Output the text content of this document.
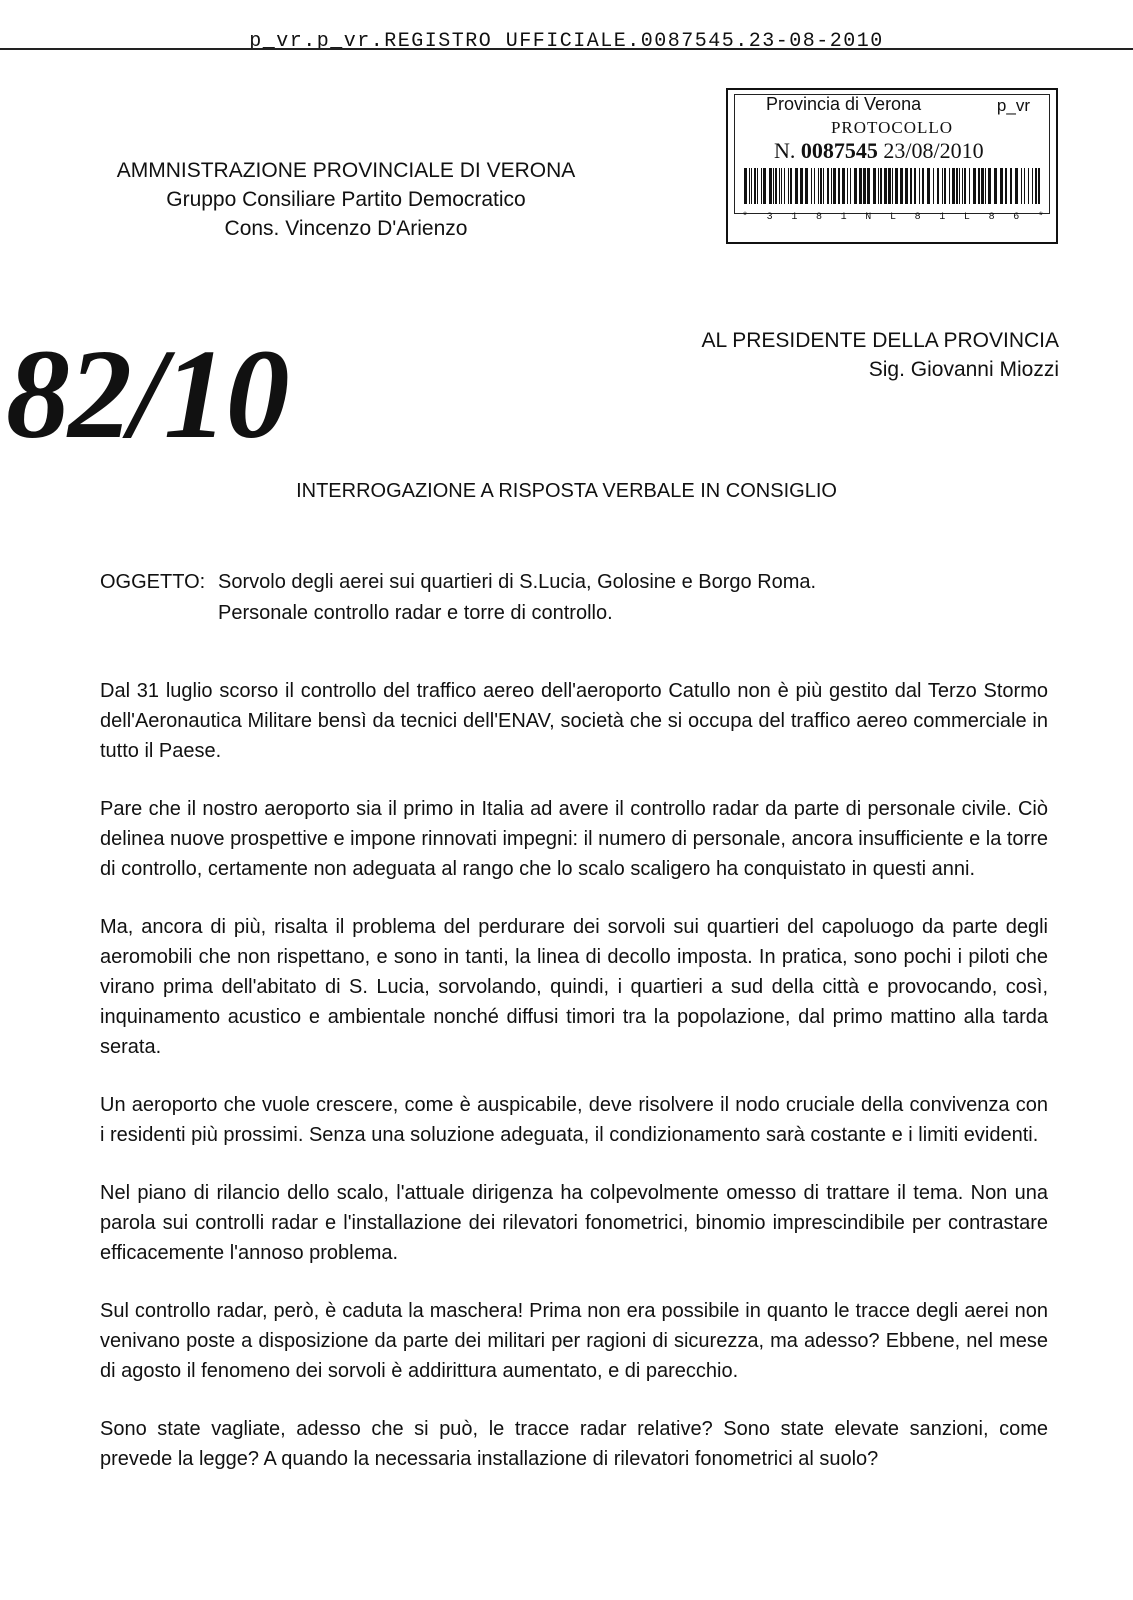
p_vr.p_vr.REGISTRO UFFICIALE.0087545.23-08-2010
AMMNISTRAZIONE PROVINCIALE DI VERONA
Gruppo Consiliare Partito Democratico
Cons. Vincenzo D'Arienzo
Provincia di Verona	p_vr
PROTOCOLLO
N. 0087545 23/08/2010
* 3 1 8 1 N L 8 1 L 8 6 *
82/10	AL PRESIDENTE DELLA PROVINCIA
Sig. Giovanni Miozzi
INTERROGAZIONE A RISPOSTA VERBALE IN CONSIGLIO
OGGETTO: Sorvolo degli aerei sui quartieri di S.Lucia, Golosine e Borgo Roma.
Personale controllo radar e torre di controllo.

Dal 31 luglio scorso il controllo del traffico aereo dell'aeroporto Catullo non è più gestito dal Terzo Stormo dell'Aeronautica Militare bensì da tecnici dell'ENAV, società che si occupa del traffico aereo commerciale in tutto il Paese.

Pare che il nostro aeroporto sia il primo in Italia ad avere il controllo radar da parte di personale civile. Ciò delinea nuove prospettive e impone rinnovati impegni: il numero di personale, ancora insufficiente e la torre di controllo, certamente non adeguata al rango che lo scalo scaligero ha conquistato in questi anni.

Ma, ancora di più, risalta il problema del perdurare dei sorvoli sui quartieri del capoluogo da parte degli aeromobili che non rispettano, e sono in tanti, la linea di decollo imposta. In pratica, sono pochi i piloti che virano prima dell'abitato di S. Lucia, sorvolando, quindi, i quartieri a sud della città e provocando, così, inquinamento acustico e ambientale nonché diffusi timori tra la popolazione, dal primo mattino alla tarda serata.

Un aeroporto che vuole crescere, come è auspicabile, deve risolvere il nodo cruciale della convivenza con i residenti più prossimi. Senza una soluzione adeguata, il condizionamento sarà costante e i limiti evidenti.

Nel piano di rilancio dello scalo, l'attuale dirigenza ha colpevolmente omesso di trattare il tema. Non una parola sui controlli radar e l'installazione dei rilevatori fonometrici, binomio imprescindibile per contrastare efficacemente l'annoso problema.

Sul controllo radar, però, è caduta la maschera! Prima non era possibile in quanto le tracce degli aerei non venivano poste a disposizione da parte dei militari per ragioni di sicurezza, ma adesso? Ebbene, nel mese di agosto il fenomeno dei sorvoli è addirittura aumentato, e di parecchio.

Sono state vagliate, adesso che si può, le tracce radar relative? Sono state elevate sanzioni, come prevede la legge? A quando la necessaria installazione di rilevatori fonometrici al suolo?
